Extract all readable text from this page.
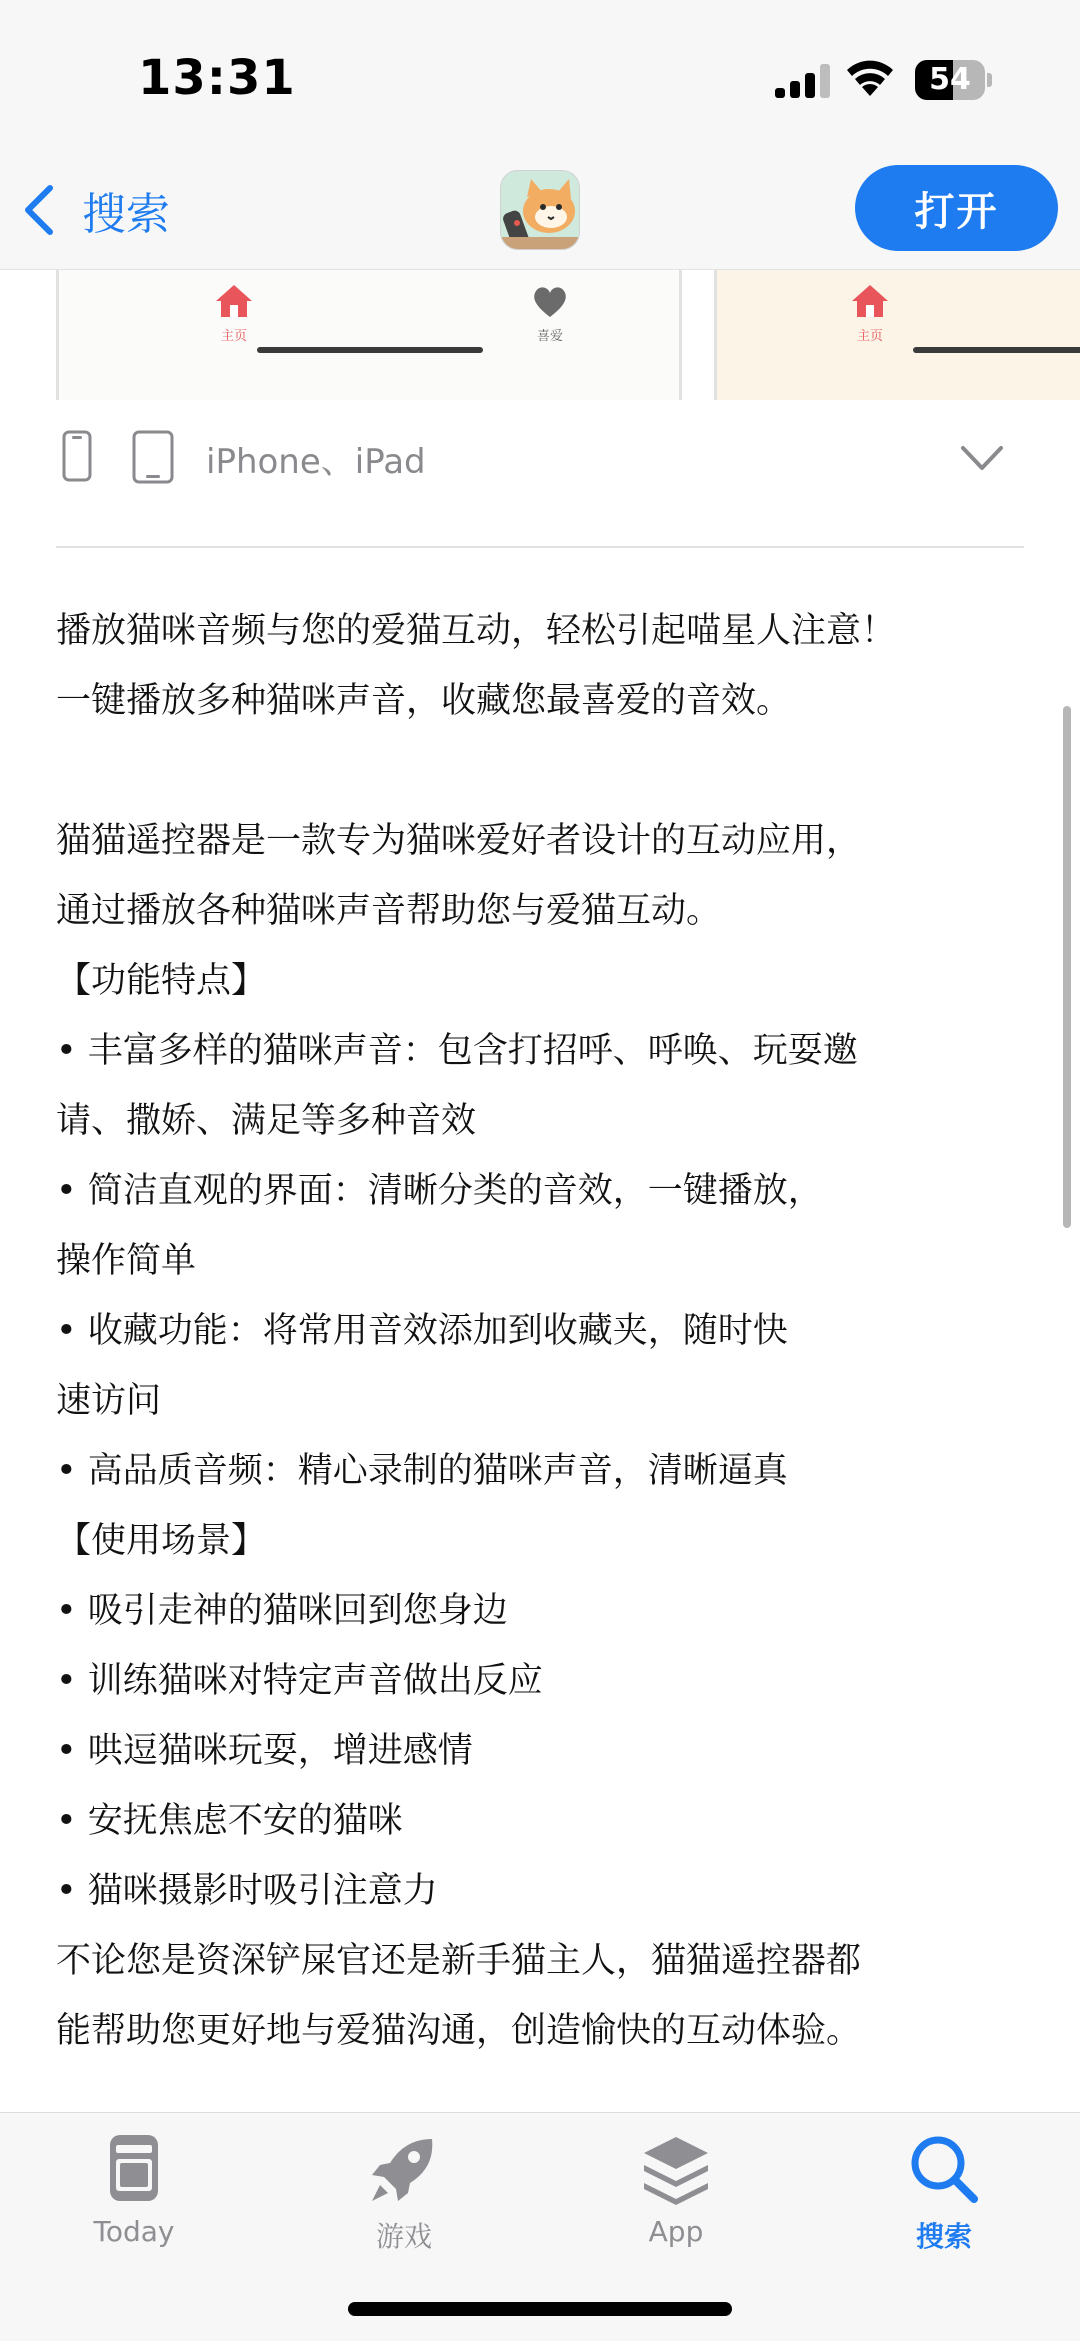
13:31	54
搜索	打开
主页	喜爱	主页
iPhone、iPad
播放猫咪音频与您的爱猫互动，轻松引起喵星人注意！
一键播放多种猫咪声音，收藏您最喜爱的音效。
猫猫遥控器是一款专为猫咪爱好者设计的互动应用，
通过播放各种猫咪声音帮助您与爱猫互动。
【功能特点】
• 丰富多样的猫咪声音：包含打招呼、呼唤、玩耍邀
请、撒娇、满足等多种音效
• 简洁直观的界面：清晰分类的音效，一键播放，
操作简单
• 收藏功能：将常用音效添加到收藏夹，随时快
速访问
• 高品质音频：精心录制的猫咪声音，清晰逼真
【使用场景】
• 吸引走神的猫咪回到您身边
• 训练猫咪对特定声音做出反应
• 哄逗猫咪玩耍，增进感情
• 安抚焦虑不安的猫咪
• 猫咪摄影时吸引注意力
不论您是资深铲屎官还是新手猫主人，猫猫遥控器都
能帮助您更好地与爱猫沟通，创造愉快的互动体验。
Today	游戏	App	搜索
